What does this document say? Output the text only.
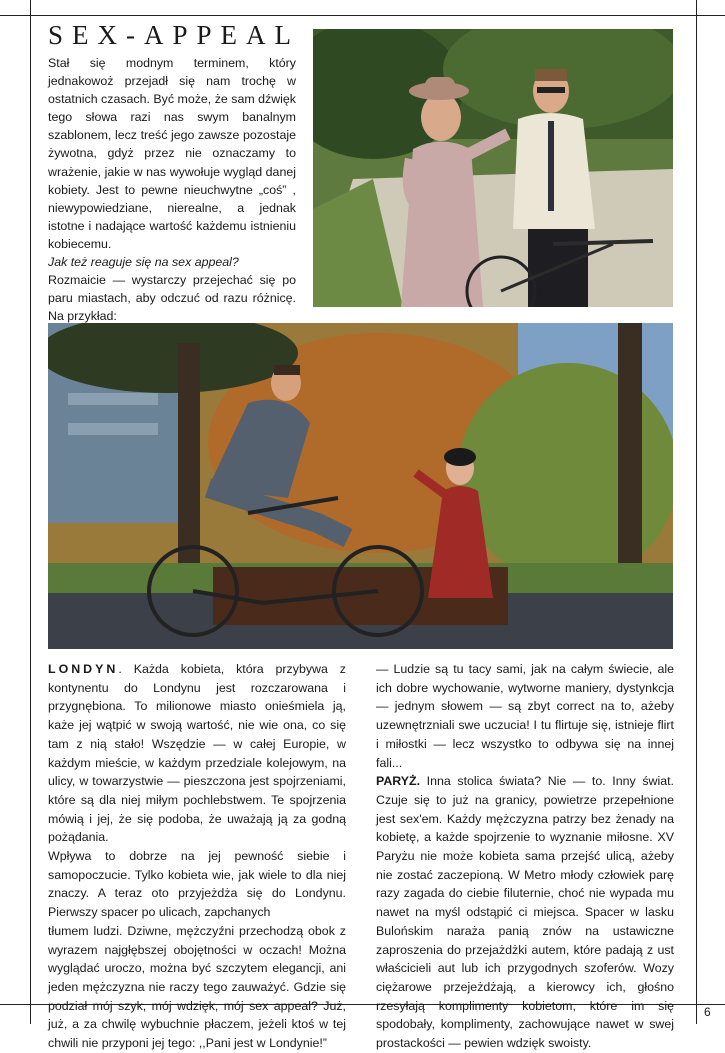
SEX-APPEAL

Stał się modnym terminem, który jednakowoż przejadł się nam trochę w ostatnich czasach. Być może, że sam dźwięk tego słowa razi nas swym banalnym szablonem, lecz treść jego zawsze pozostaje żywotna, gdyż przez nie oznaczamy to wrażenie, jakie w nas wywołuje wygląd danej kobiety. Jest to pewne nieuchwytne „coś” , niewypowiedziane, nierealne, a jednak istotne i nadające wartość każdemu istnieniu kobiecemu.

Jak też reaguje się na sex appeal?

Rozmaicie — wystarczy przejechać się po paru miastach, aby odczuć od razu różnicę. Na przykład:

LONDYN. Każda kobieta, która przybywa z kontynentu do Londynu jest rozczarowana i przygnębiona. To milionowe miasto onieśmiela ją, każe jej wątpić w swoją wartość, nie wie ona, co się tam z nią stało! Wszędzie — w całej Europie, w każdym mieście, w każdym przedziale kolejowym, na ulicy, w towarzystwie — pieszczona jest spojrzeniami, które są dla niej miłym pochlebstwem. Te spojrzenia mówią i jej, że się podoba, że uważają ją za godną pożądania.

Wpływa to dobrze na jej pewność siebie i samopoczucie. Tylko kobieta wie, jak wiele to dla niej znaczy. A teraz oto przyjeżdża się do Londynu. Pierwszy spacer po ulicach, zapchanych

tłumem ludzi. Dziwne, mężczyźni przechodzą obok z wyrazem najgłębszej obojętności w oczach! Można wyglądać uroczo, można być szczytem elegancji, ani jeden mężczyzna nie raczy tego zauważyć. Gdzie się podział mój szyk, mój wdzięk, mój sex appeal? Już, już, a za chwilę wybuchnie płaczem, jeżeli ktoś w tej chwili nie przyponi jej tego: ,,Pani jest w Londynie!”

— Ludzie są tu tacy sami, jak na całym świecie, ale ich dobre wychowanie, wytworne maniery, dystynkcja — jednym słowem — są zbyt correct na to, ażeby uzewnętrzniali swe uczucia! I tu flirtuje się, istnieje flirt i miłostki — lecz wszystko to odbywa się na innej fali...

PARYŻ. Inna stolica świata? Nie — to. Inny świat. Czuje się to już na granicy, powietrze przepełnione jest sex'em. Każdy mężczyzna patrzy bez żenady na kobietę, a każde spojrzenie to wyznanie miłosne. XV Paryżu nie może kobieta sama przejść ulicą, ażeby nie zostać zaczepioną. W Metro młody człowiek parę razy zagada do ciebie filuternie, choć nie wypada mu nawet na myśl odstąpić ci miejsca. Spacer w lasku Bulońskim naraża panią znów na ustawiczne zaproszenia do przejażdżki autem, które padają z ust właścicieli aut lub ich przygodnych szoferów. Wozy ciężarowe przejeżdżają, a kierowcy ich, głośno rzesyłają komplimenty kobietom, które im się spodobały, komplimenty, zachowujące nawet w swej prostackości — pewien wdzięk swoisty.

6
